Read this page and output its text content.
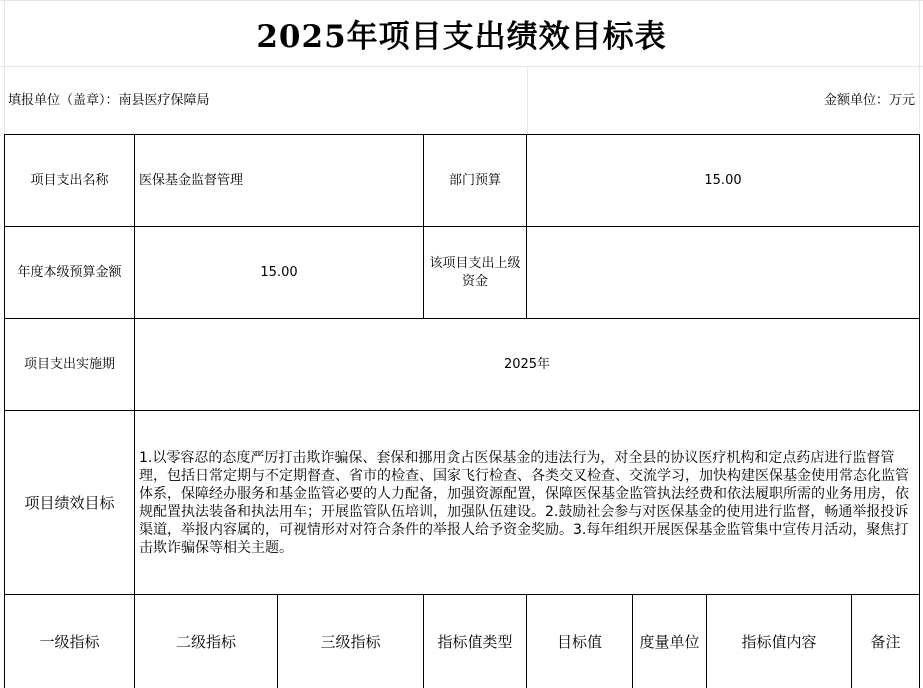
2025年项目支出绩效目标表
填报单位（盖章）：南县医疗保障局	金额单位：万元
项目支出名称	医保基金监督管理		部门预算	15.00			
年度本级预算金额	15.00		该项目支出上级资金				
项目支出实施期	2025年						
项目绩效目标	1.以零容忍的态度严厉打击欺诈骗保、套保和挪用贪占医保基金的违法行为，对全县的协议医疗机构和定点药店进行监督管理，包括日常定期与不定期督查、省市的检查、国家飞行检查、各类交叉检查、交流学习，加快构建医保基金使用常态化监管体系，保障经办服务和基金监管必要的人力配备，加强资源配置，保障医保基金监管执法经费和依法履职所需的业务用房，依规配置执法装备和执法用车；开展监管队伍培训，加强队伍建设。2.鼓励社会参与对医保基金的使用进行监督，畅通举报投诉渠道，举报内容属的，可视情形对对符合条件的举报人给予资金奖励。3.每年组织开展医保基金监管集中宣传月活动，聚焦打击欺诈骗保等相关主题。						
一级指标	二级指标	三级指标	指标值类型	目标值	度量单位	指标值内容	备注
